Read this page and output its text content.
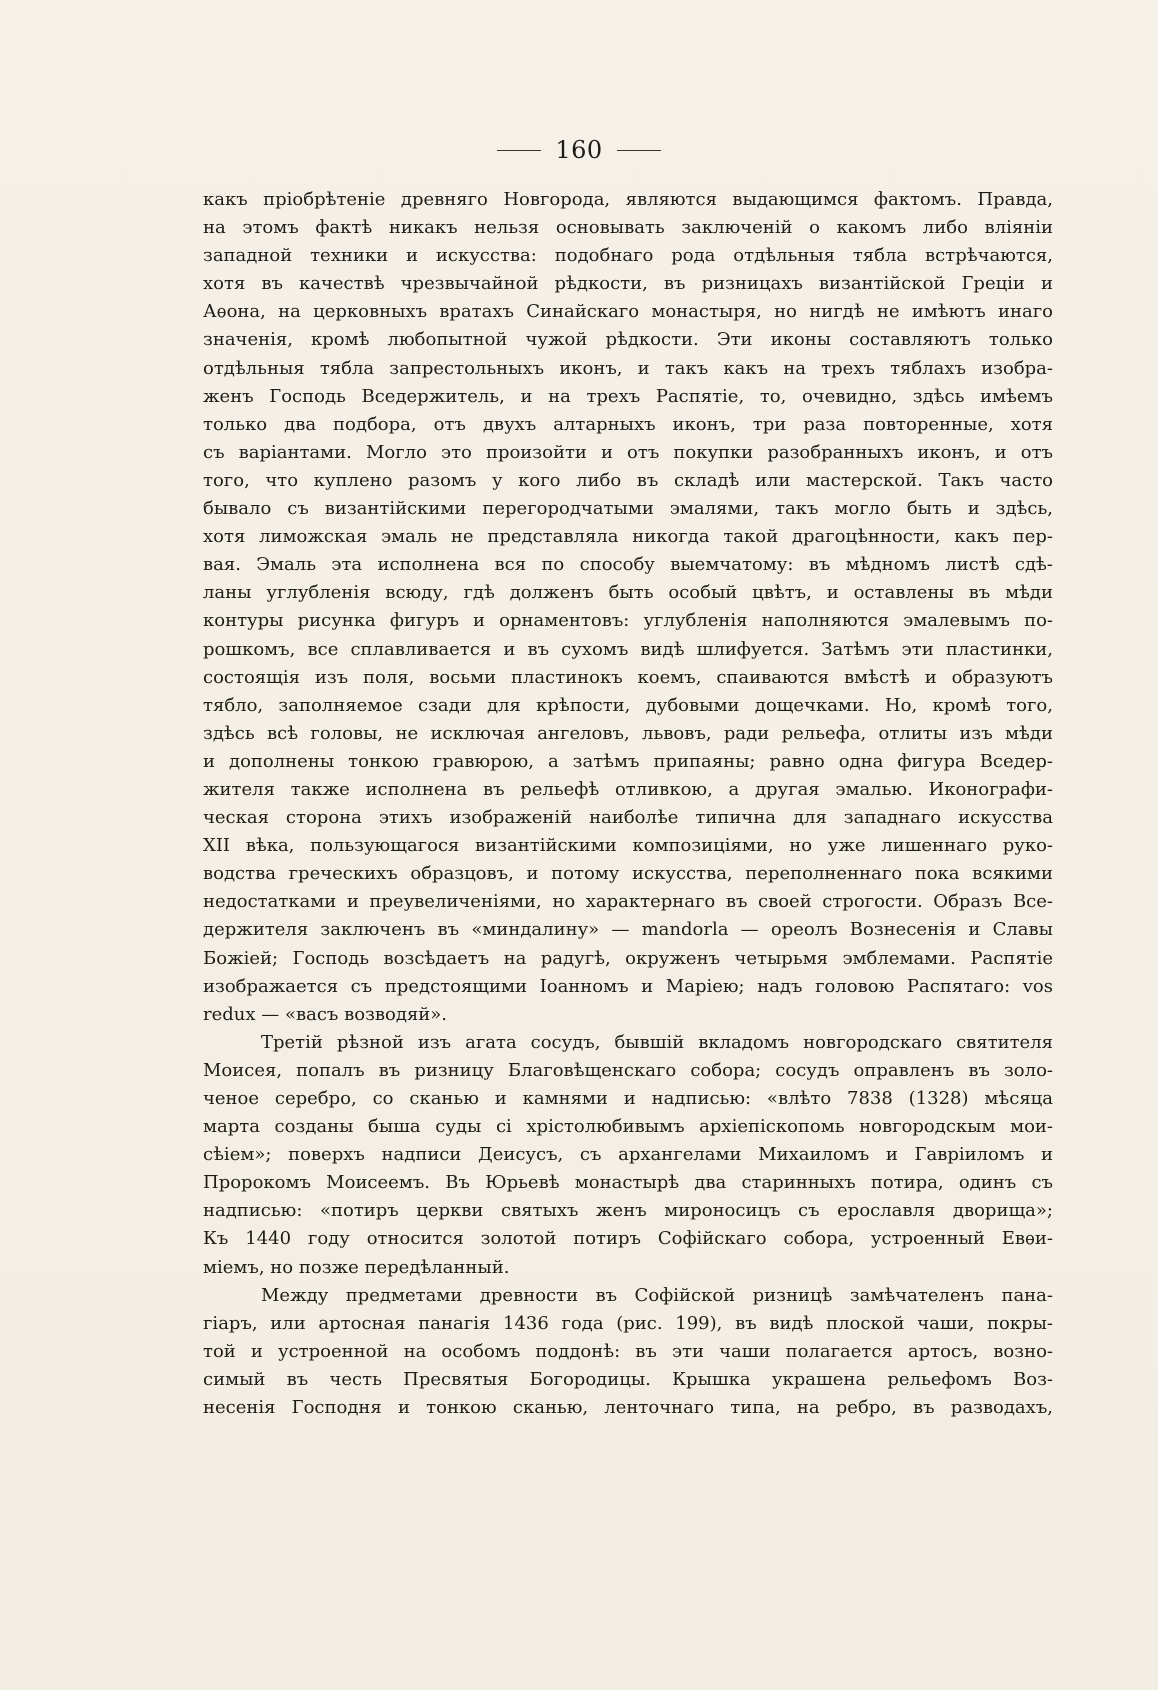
160
какъ пріобрѣтеніе древняго Новгорода, являются выдающимся фактомъ. Правда,
на этомъ фактѣ никакъ нельзя основывать заключеній о какомъ либо вліяніи
западной техники и искусства: подобнаго рода отдѣльныя тябла встрѣчаются,
хотя въ качествѣ чрезвычайной рѣдкости, въ ризницахъ византійской Греціи и
Аѳона, на церковныхъ вратахъ Синайскаго монастыря, но нигдѣ не имѣютъ инаго
значенія, кромѣ любопытной чужой рѣдкости. Эти иконы составляютъ только
отдѣльныя тябла запрестольныхъ иконъ, и такъ какъ на трехъ тяблахъ изобра-
женъ Господь Вседержитель, и на трехъ Распятіе, то, очевидно, здѣсь имѣемъ
только два подбора, отъ двухъ алтарныхъ иконъ, три раза повторенные, хотя
съ варіантами. Могло это произойти и отъ покупки разобранныхъ иконъ, и отъ
того, что куплено разомъ у кого либо въ складѣ или мастерской. Такъ часто
бывало съ византійскими перегородчатыми эмалями, такъ могло быть и здѣсь,
хотя лиможская эмаль не представляла никогда такой драгоцѣнности, какъ пер-
вая. Эмаль эта исполнена вся по способу выемчатому: въ мѣдномъ листѣ сдѣ-
ланы углубленія всюду, гдѣ долженъ быть особый цвѣтъ, и оставлены въ мѣди
контуры рисунка фигуръ и орнаментовъ: углубленія наполняются эмалевымъ по-
рошкомъ, все сплавливается и въ сухомъ видѣ шлифуется. Затѣмъ эти пластинки,
состоящія изъ поля, восьми пластинокъ коемъ, спаиваются вмѣстѣ и образуютъ
тябло, заполняемое сзади для крѣпости, дубовыми дощечками. Но, кромѣ того,
здѣсь всѣ головы, не исключая ангеловъ, львовъ, ради рельефа, отлиты изъ мѣди
и дополнены тонкою гравюрою, а затѣмъ припаяны; равно одна фигура Вседер-
жителя также исполнена въ рельефѣ отливкою, а другая эмалью. Иконографи-
ческая сторона этихъ изображеній наиболѣе типична для западнаго искусства
XII вѣка, пользующагося византійскими композиціями, но уже лишеннаго руко-
водства греческихъ образцовъ, и потому искусства, переполненнаго пока всякими
недостатками и преувеличеніями, но характернаго въ своей строгости. Образъ Все-
держителя заключенъ въ «миндалину» — mandorla — ореолъ Вознесенія и Славы
Божіей; Господь возсѣдаетъ на радугѣ, окруженъ четырьмя эмблемами. Распятіе
изображается съ предстоящими Іоанномъ и Маріею; надъ головою Распятаго: vos
redux — «васъ возводяй».
Третій рѣзной изъ агата сосудъ, бывшій вкладомъ новгородскаго святителя
Моисея, попалъ въ ризницу Благовѣщенскаго собора; сосудъ оправленъ въ золо-
ченое серебро, со сканью и камнями и надписью: «влѣто 7838 (1328) мѣсяца
марта созданы быша суды сі хрістолюбивымъ архіепіскопомь новгородскым мои-
сѣіем»; поверхъ надписи Деисусъ, съ архангелами Михаиломъ и Гавріиломъ и
Пророкомъ Моисеемъ. Въ Юрьевѣ монастырѣ два старинныхъ потира, одинъ съ
надписью: «потиръ церкви святыхъ женъ мироносицъ съ ерославля дворища»;
Къ 1440 году относится золотой потиръ Софійскаго собора, устроенный Евѳи-
міемъ, но позже передѣланный.
Между предметами древности въ Софійской ризницѣ замѣчателенъ пана-
гіаръ, или артосная панагія 1436 года (рис. 199), въ видѣ плоской чаши, покры-
той и устроенной на особомъ поддонѣ: въ эти чаши полагается артосъ, возно-
симый въ честь Пресвятыя Богородицы. Крышка украшена рельефомъ Воз-
несенія Господня и тонкою сканью, ленточнаго типа, на ребро, въ разводахъ,
